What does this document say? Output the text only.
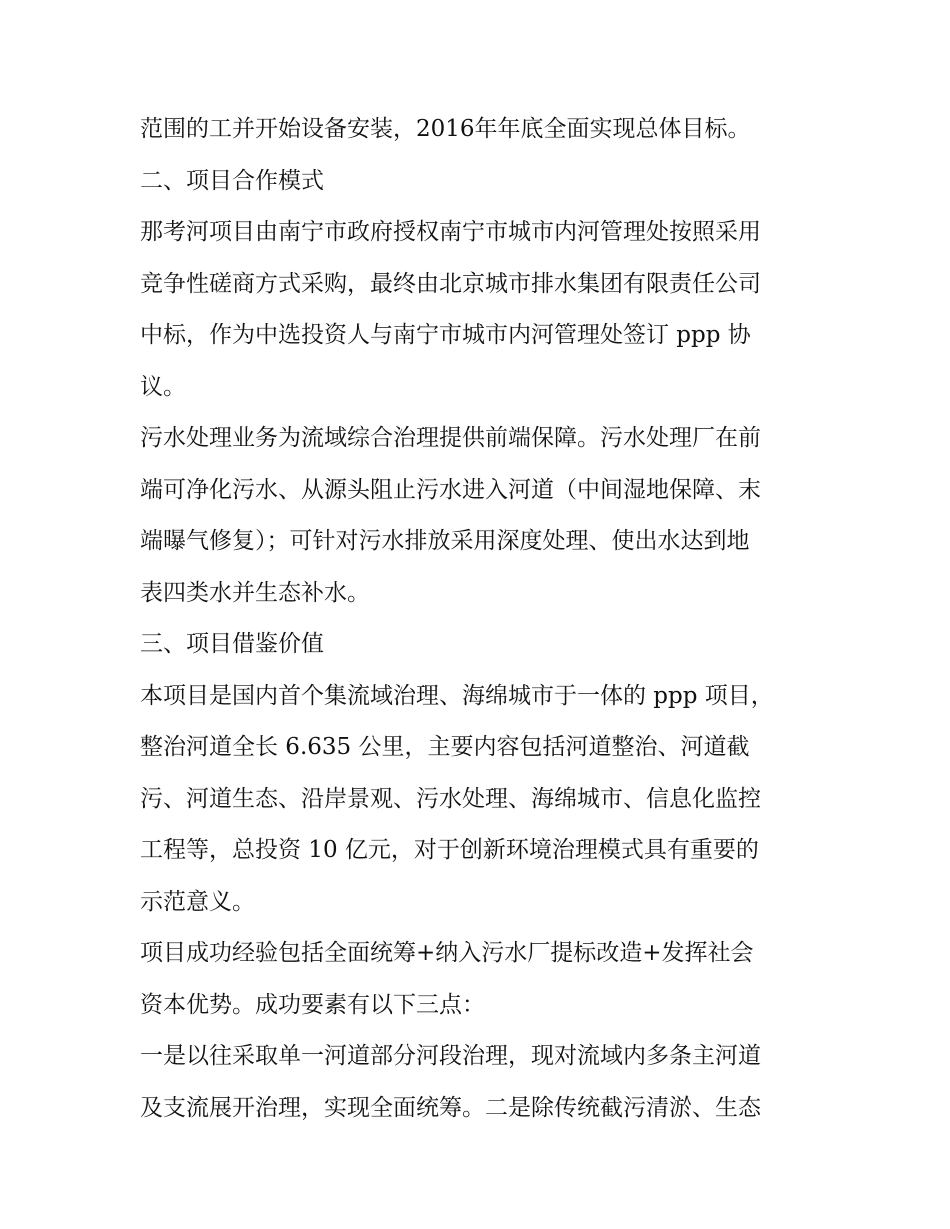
范围的工并开始设备安装，2016年年底全面实现总体目标。

二、项目合作模式

那考河项目由南宁市政府授权南宁市城市内河管理处按照采用

竞争性磋商方式采购，最终由北京城市排水集团有限责任公司

中标，作为中选投资人与南宁市城市内河管理处签订 ppp 协

议。

污水处理业务为流域综合治理提供前端保障。污水处理厂在前

端可净化污水、从源头阻止污水进入河道（中间湿地保障、末

端曝气修复）；可针对污水排放采用深度处理、使出水达到地

表四类水并生态补水。

三、项目借鉴价值

本项目是国内首个集流域治理、海绵城市于一体的 ppp 项目，

整治河道全长 6.635 公里，主要内容包括河道整治、河道截

污、河道生态、沿岸景观、污水处理、海绵城市、信息化监控

工程等，总投资 10 亿元，对于创新环境治理模式具有重要的

示范意义。

项目成功经验包括全面统筹+纳入污水厂提标改造+发挥社会

资本优势。成功要素有以下三点：

一是以往采取单一河道部分河段治理，现对流域内多条主河道

及支流展开治理，实现全面统筹。二是除传统截污清淤、生态
